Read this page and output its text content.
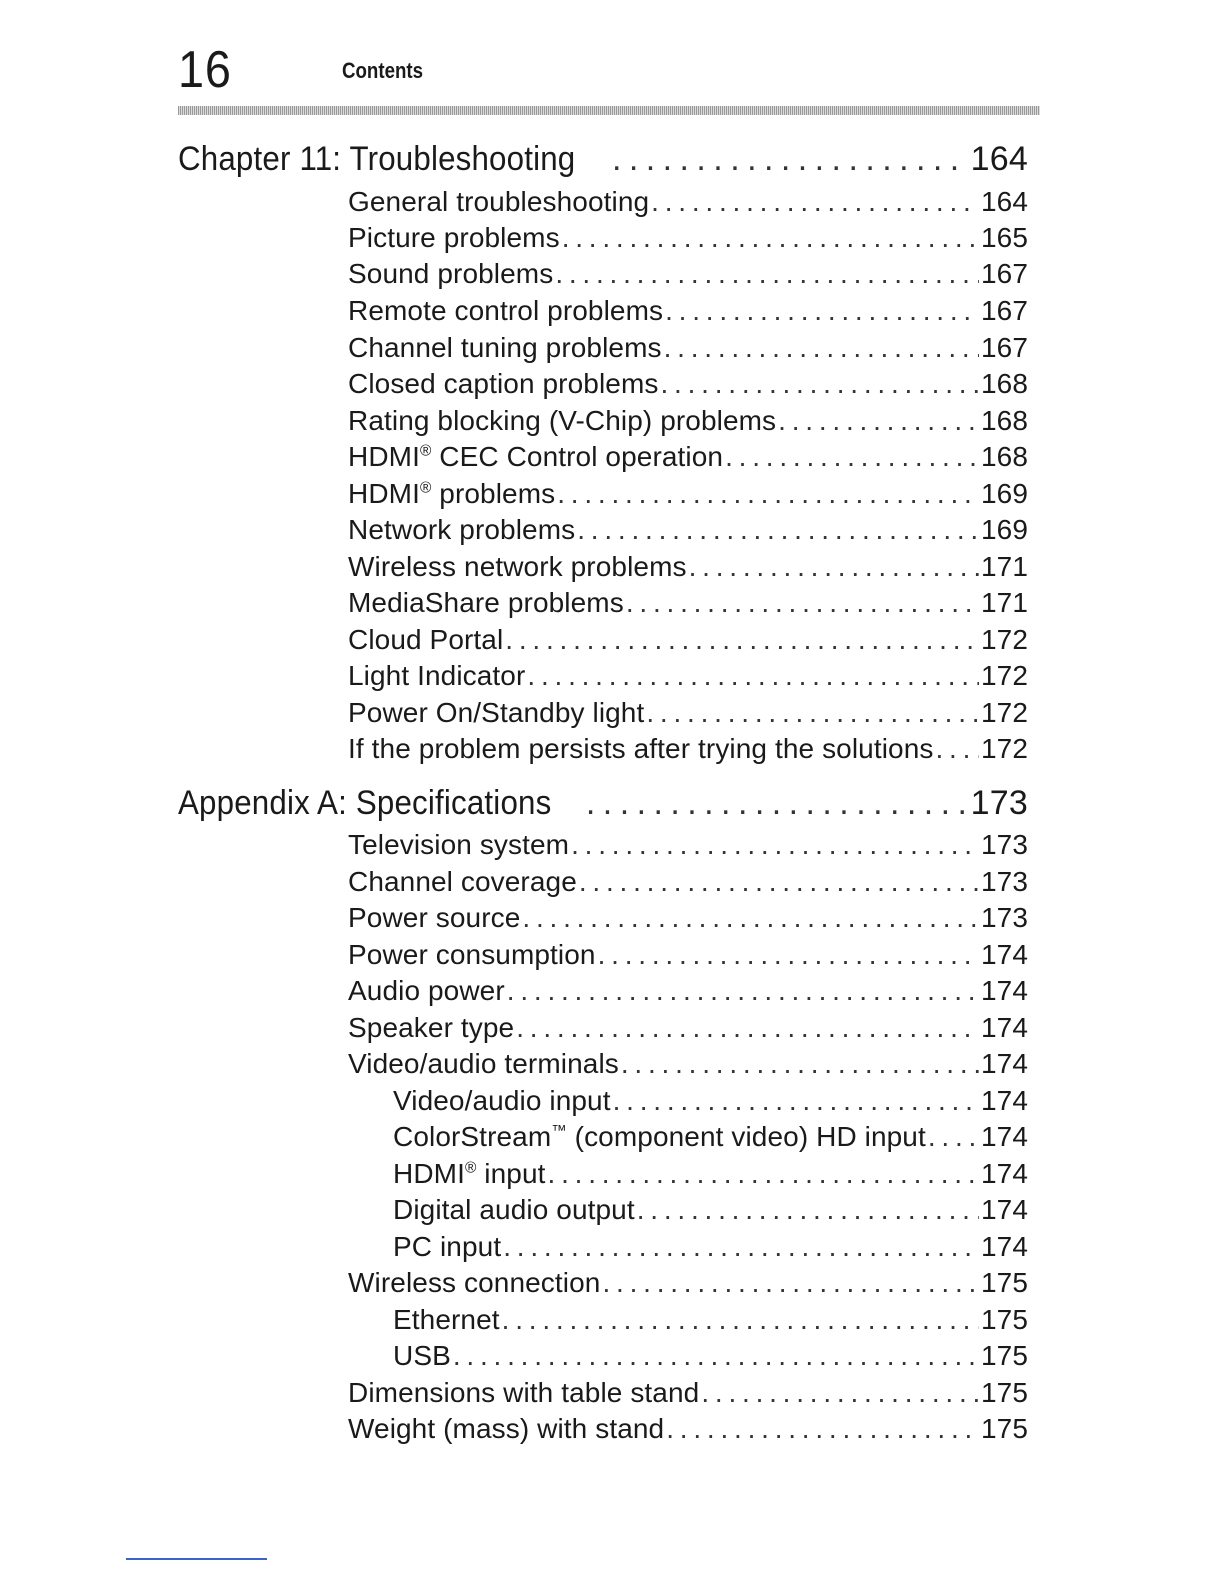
16	Contents
Chapter 11: Troubleshooting . . .	164
General troubleshooting . . .	164
Picture problems . . .	165
Sound problems . . .	167
Remote control problems . . .	167
Channel tuning problems . . .	167
Closed caption problems . . .	168
Rating blocking (V-Chip) problems . . .	168
HDMI® CEC Control operation . . .	168
HDMI® problems . . .	169
Network problems . . .	169
Wireless network problems . . .	171
MediaShare problems . . .	171
Cloud Portal . . .	172
Light Indicator . . .	172
Power On/Standby light . . .	172
If the problem persists after trying the solutions . . . 172
Appendix A: Specifications . . .	173
Television system . . .	173
Channel coverage . . .	173
Power source . . .	173
Power consumption . . .	174
Audio power . . .	174
Speaker type . . .	174
Video/audio terminals . . .	174
Video/audio input . . .	174
ColorStream™ (component video) HD input . . . 174
HDMI® input . . .	174
Digital audio output . . .	174
PC input . . .	174
Wireless connection . . .	175
Ethernet . . .	175
USB . . .	175
Dimensions with table stand . . .	175
Weight (mass) with stand . . .	175
